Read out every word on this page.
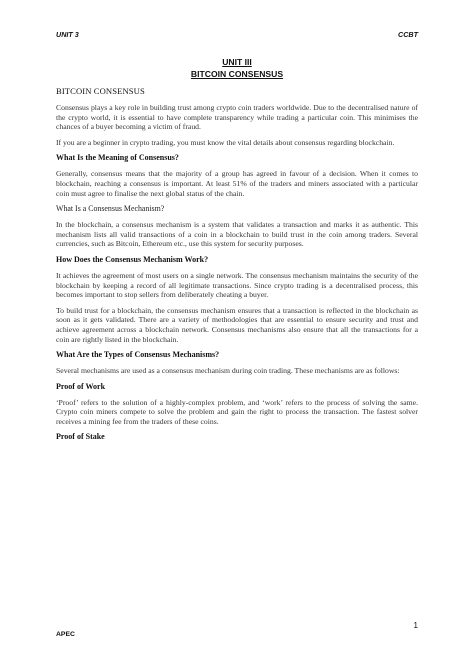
UNIT 3	CCBT
UNIT III
BITCOIN CONSENSUS
BITCOIN CONSENSUS

Consensus plays a key role in building trust among crypto coin traders worldwide. Due to the decentralised nature of the crypto world, it is essential to have complete transparency while trading a particular coin. This minimises the chances of a buyer becoming a victim of fraud.

If you are a beginner in crypto trading, you must know the vital details about consensus regarding blockchain.

What Is the Meaning of Consensus?

Generally, consensus means that the majority of a group has agreed in favour of a decision. When it comes to blockchain, reaching a consensus is important. At least 51% of the traders and miners associated with a particular coin must agree to finalise the next global status of the chain.

What Is a Consensus Mechanism?

In the blockchain, a consensus mechanism is a system that validates a transaction and marks it as authentic. This mechanism lists all valid transactions of a coin in a blockchain to build trust in the coin among traders. Several currencies, such as Bitcoin, Ethereum etc., use this system for security purposes.

How Does the Consensus Mechanism Work?

It achieves the agreement of most users on a single network. The consensus mechanism maintains the security of the blockchain by keeping a record of all legitimate transactions. Since crypto trading is a decentralised process, this becomes important to stop sellers from deliberately cheating a buyer.

To build trust for a blockchain, the consensus mechanism ensures that a transaction is reflected in the blockchain as soon as it gets validated. There are a variety of methodologies that are essential to ensure security and trust and achieve agreement across a blockchain network. Consensus mechanisms also ensure that all the transactions for a coin are rightly listed in the blockchain.

What Are the Types of Consensus Mechanisms?

Several mechanisms are used as a consensus mechanism during coin trading. These mechanisms are as follows:

Proof of Work

‘Proof’ refers to the solution of a highly-complex problem, and ‘work’ refers to the process of solving the same. Crypto coin miners compete to solve the problem and gain the right to process the transaction. The fastest solver receives a mining fee from the traders of these coins.

Proof of Stake
1
APEC
